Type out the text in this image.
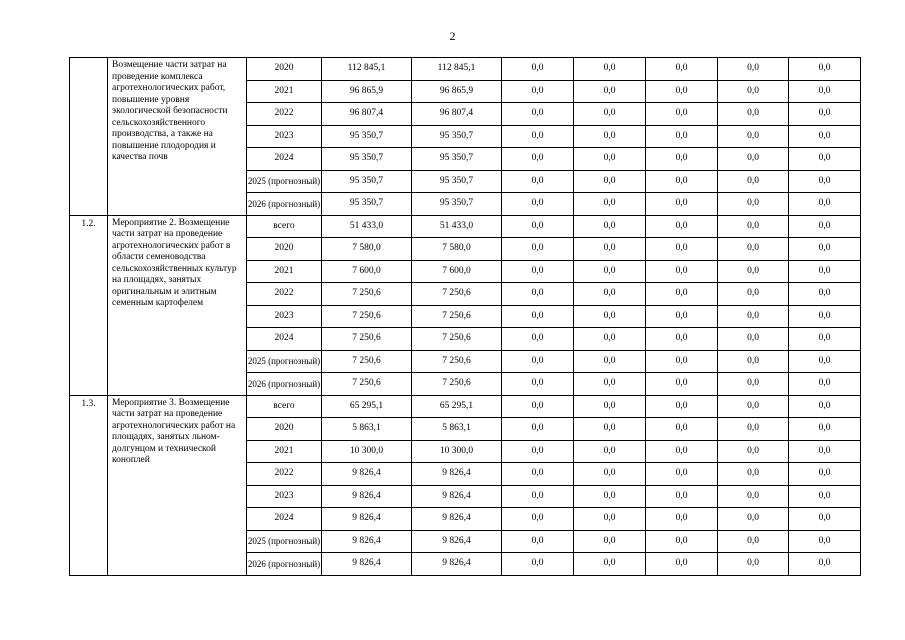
2
	Возмещение части затрат на проведение комплекса агротехнологических работ, повышение уровня экологической безопасности сельскохозяйственного производства, а также на повышение плодородия и качества почв	2020	112 845,1	112 845,1	0,0	0,0	0,0	0,0	0,0
		2021	96 865,9	96 865,9	0,0	0,0	0,0	0,0	0,0
		2022	96 807,4	96 807,4	0,0	0,0	0,0	0,0	0,0
		2023	95 350,7	95 350,7	0,0	0,0	0,0	0,0	0,0
		2024	95 350,7	95 350,7	0,0	0,0	0,0	0,0	0,0
		2025 (прогнозный)	95 350,7	95 350,7	0,0	0,0	0,0	0,0	0,0
		2026 (прогнозный)	95 350,7	95 350,7	0,0	0,0	0,0	0,0	0,0
1.2.	Мероприятие 2. Возмещение части затрат на проведение агротехнологических работ в области семеноводства сельскохозяйственных культур на площадях, занятых оригинальным и элитным семенным картофелем	всего	51 433,0	51 433,0	0,0	0,0	0,0	0,0	0,0
		2020	7 580,0	7 580,0	0,0	0,0	0,0	0,0	0,0
		2021	7 600,0	7 600,0	0,0	0,0	0,0	0,0	0,0
		2022	7 250,6	7 250,6	0,0	0,0	0,0	0,0	0,0
		2023	7 250,6	7 250,6	0,0	0,0	0,0	0,0	0,0
		2024	7 250,6	7 250,6	0,0	0,0	0,0	0,0	0,0
		2025 (прогнозный)	7 250,6	7 250,6	0,0	0,0	0,0	0,0	0,0
		2026 (прогнозный)	7 250,6	7 250,6	0,0	0,0	0,0	0,0	0,0
1.3.	Мероприятие 3. Возмещение части затрат на проведение агротехнологических работ на площадях, занятых льном-долгунцом и технической коноплей	всего	65 295,1	65 295,1	0,0	0,0	0,0	0,0	0,0
		2020	5 863,1	5 863,1	0,0	0,0	0,0	0,0	0,0
		2021	10 300,0	10 300,0	0,0	0,0	0,0	0,0	0,0
		2022	9 826,4	9 826,4	0,0	0,0	0,0	0,0	0,0
		2023	9 826,4	9 826,4	0,0	0,0	0,0	0,0	0,0
		2024	9 826,4	9 826,4	0,0	0,0	0,0	0,0	0,0
		2025 (прогнозный)	9 826,4	9 826,4	0,0	0,0	0,0	0,0	0,0
		2026 (прогнозный)	9 826,4	9 826,4	0,0	0,0	0,0	0,0	0,0
